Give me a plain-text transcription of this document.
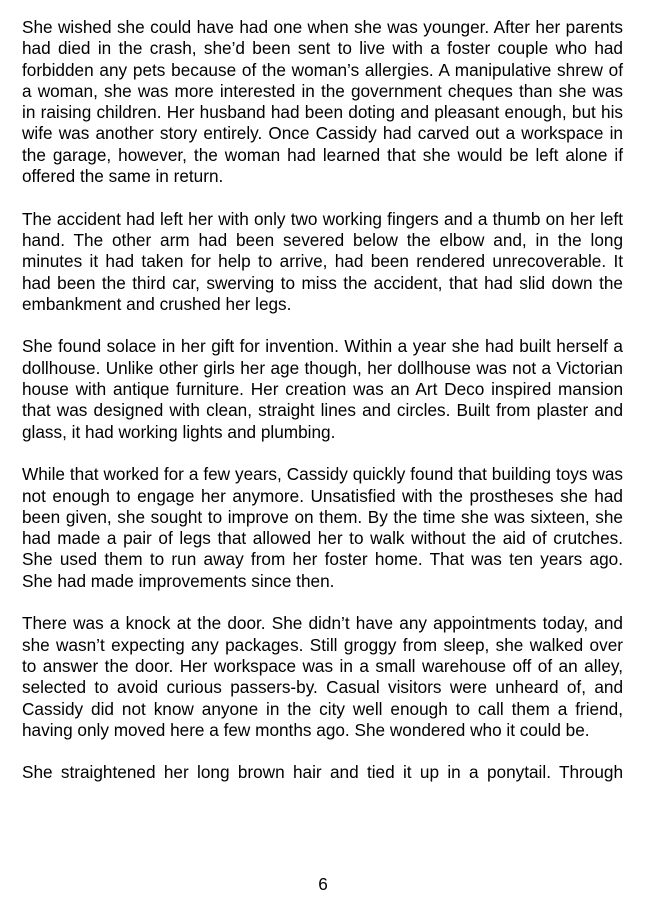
She wished she could have had one when she was younger. After her parents had died in the crash, she’d been sent to live with a foster couple who had forbidden any pets because of the woman’s allergies. A manipulative shrew of a woman, she was more interested in the government cheques than she was in raising children. Her husband had been doting and pleasant enough, but his wife was another story entirely. Once Cassidy had carved out a workspace in the garage, however, the woman had learned that she would be left alone if offered the same in return.

The accident had left her with only two working fingers and a thumb on her left hand. The other arm had been severed below the elbow and, in the long minutes it had taken for help to arrive, had been rendered unrecoverable. It had been the third car, swerving to miss the accident, that had slid down the embankment and crushed her legs.

She found solace in her gift for invention. Within a year she had built herself a dollhouse. Unlike other girls her age though, her dollhouse was not a Victorian house with antique furniture. Her creation was an Art Deco inspired mansion that was designed with clean, straight lines and circles. Built from plaster and glass, it had working lights and plumbing.

While that worked for a few years, Cassidy quickly found that building toys was not enough to engage her anymore. Unsatisfied with the prostheses she had been given, she sought to improve on them. By the time she was sixteen, she had made a pair of legs that allowed her to walk without the aid of crutches. She used them to run away from her foster home. That was ten years ago. She had made improvements since then.

There was a knock at the door. She didn’t have any appointments today, and she wasn’t expecting any packages. Still groggy from sleep, she walked over to answer the door. Her workspace was in a small warehouse off of an alley, selected to avoid curious passers-by. Casual visitors were unheard of, and Cassidy did not know anyone in the city well enough to call them a friend, having only moved here a few months ago. She wondered who it could be.

She straightened her long brown hair and tied it up in a ponytail. Through

6
